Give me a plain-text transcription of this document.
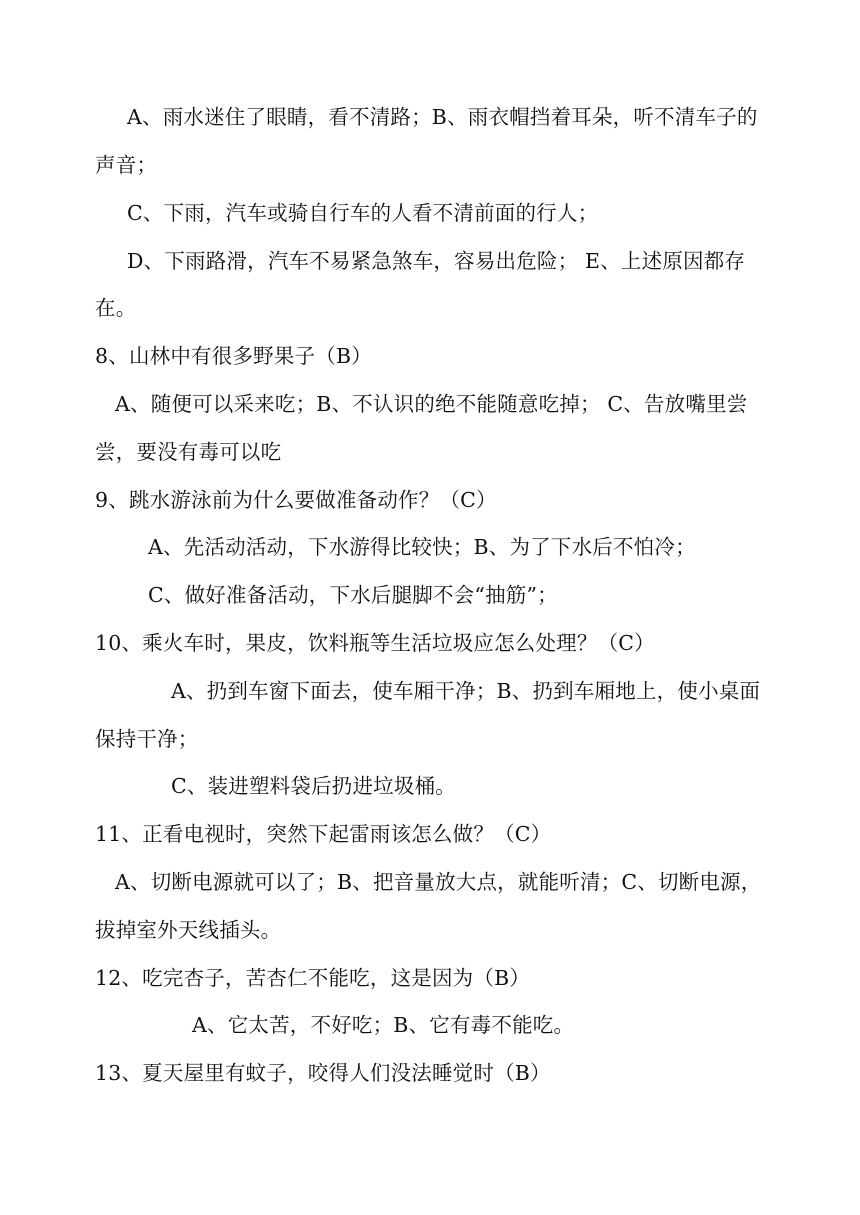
A、雨水迷住了眼睛，看不清路；B、雨衣帽挡着耳朵，听不清车子的
声音；
C、下雨，汽车或骑自行车的人看不清前面的行人；
D、下雨路滑，汽车不易紧急煞车，容易出危险； E、上述原因都存
在。
8、山林中有很多野果子（B）
A、随便可以采来吃；B、不认识的绝不能随意吃掉； C、告放嘴里尝
尝，要没有毒可以吃
9、跳水游泳前为什么要做准备动作？（C）
A、先活动活动，下水游得比较快；B、为了下水后不怕冷；
C、做好准备活动，下水后腿脚不会“抽筋”；
10、乘火车时，果皮，饮料瓶等生活垃圾应怎么处理？（C）
A、扔到车窗下面去，使车厢干净；B、扔到车厢地上，使小桌面
保持干净；
C、装进塑料袋后扔进垃圾桶。
11、正看电视时，突然下起雷雨该怎么做？（C）
A、切断电源就可以了；B、把音量放大点，就能听清；C、切断电源，
拔掉室外天线插头。
12、吃完杏子，苦杏仁不能吃，这是因为（B）
A、它太苦，不好吃；B、它有毒不能吃。
13、夏天屋里有蚊子，咬得人们没法睡觉时（B）
